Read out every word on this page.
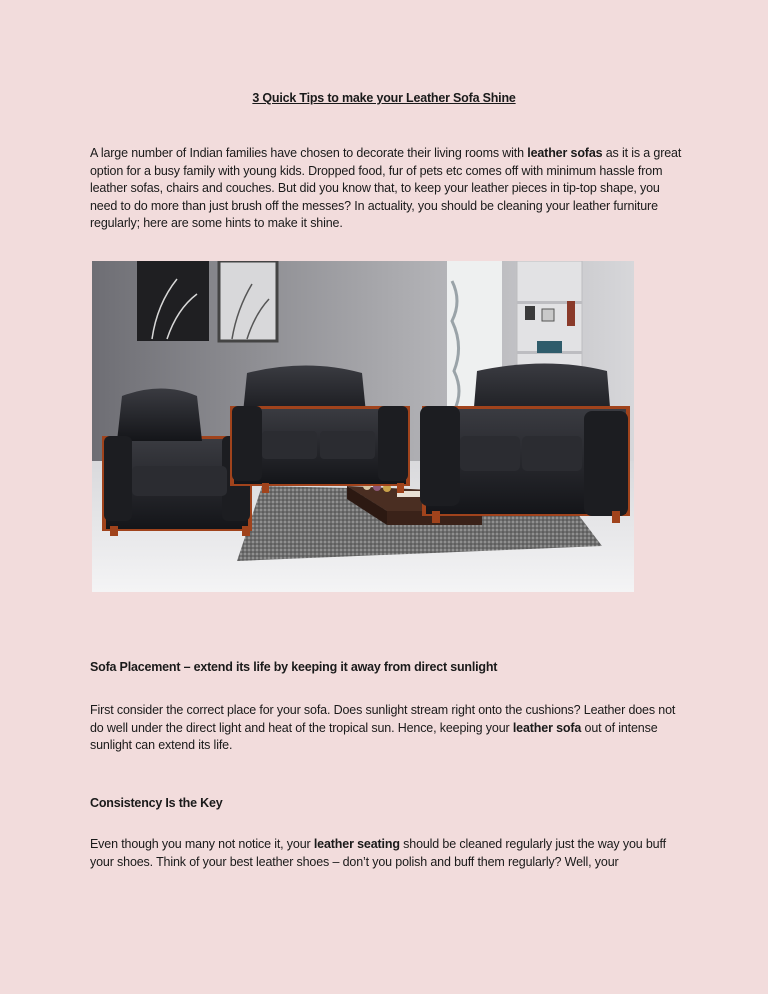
3 Quick Tips to make your Leather Sofa Shine
A large number of Indian families have chosen to decorate their living rooms with leather sofas as it is a great option for a busy family with young kids. Dropped food, fur of pets etc comes off with minimum hassle from leather sofas, chairs and couches. But did you know that, to keep your leather pieces in tip-top shape, you need to do more than just brush off the messes? In actuality, you should be cleaning your leather furniture regularly; here are some hints to make it shine.
Sofa Placement – extend its life by keeping it away from direct sunlight
First consider the correct place for your sofa. Does sunlight stream right onto the cushions? Leather does not do well under the direct light and heat of the tropical sun. Hence, keeping your leather sofa out of intense sunlight can extend its life.
Consistency Is the Key
Even though you many not notice it, your leather seating should be cleaned regularly just the way you buff your shoes. Think of your best leather shoes – don’t you polish and buff them regularly? Well, your
